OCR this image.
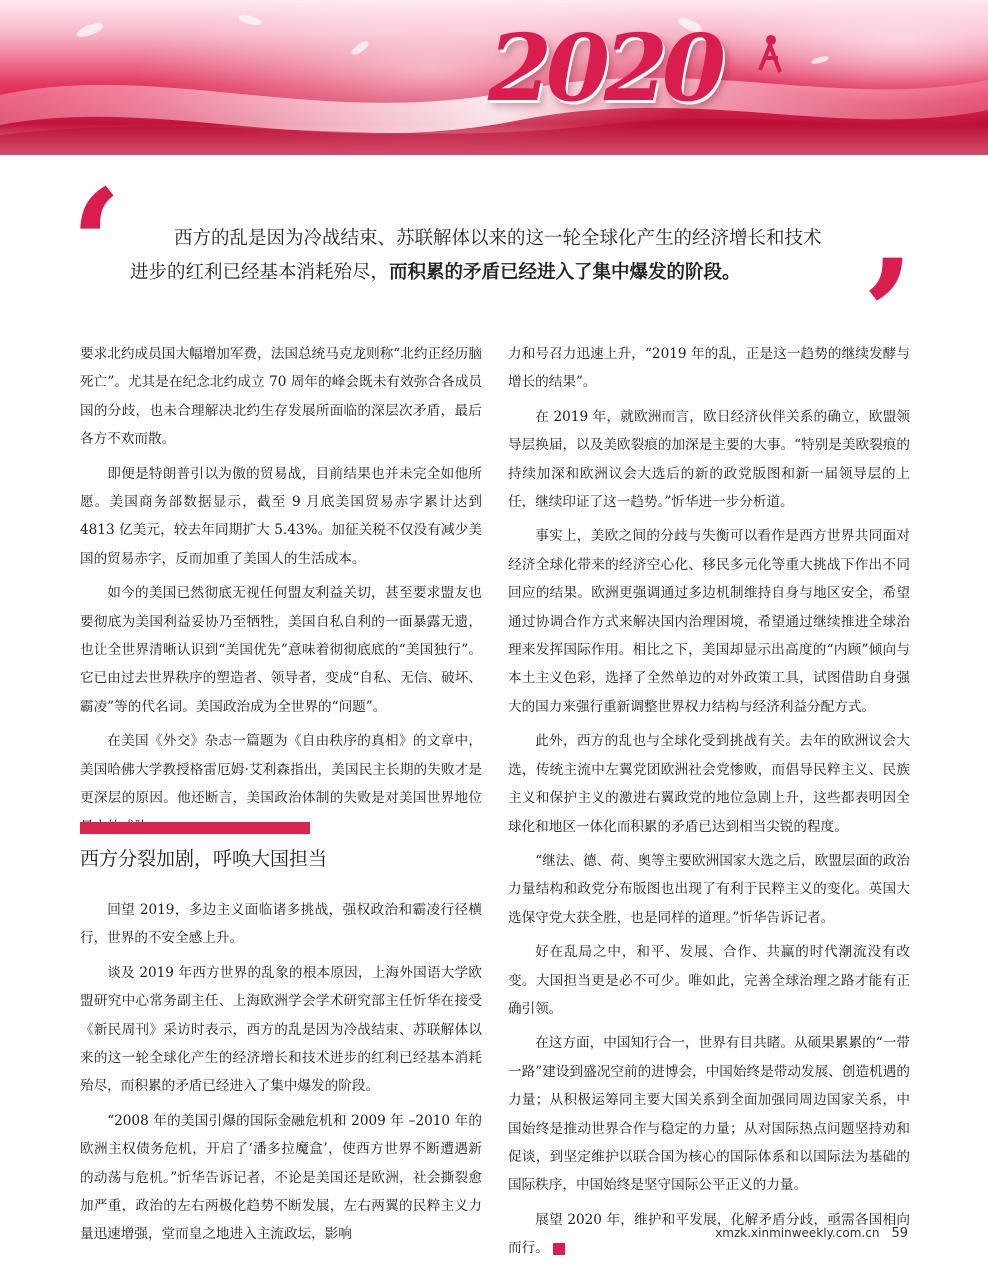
2020
‘	西方的乱是因为冷战结束、苏联解体以来的这一轮全球化产生的经济增长和技术
进步的红利已经基本消耗殆尽，而积累的矛盾已经进入了集中爆发的阶段。 ’

要求北约成员国大幅增加军费，法国总统马克龙则称“北约正经历脑死亡”。尤其是在纪念北约成立 70 周年的峰会既未有效弥合各成员国的分歧，也未合理解决北约生存发展所面临的深层次矛盾，最后各方不欢而散。

即便是特朗普引以为傲的贸易战，目前结果也并未完全如他所愿。美国商务部数据显示，截至 9 月底美国贸易赤字累计达到 4813 亿美元，较去年同期扩大 5.43%。加征关税不仅没有减少美国的贸易赤字，反而加重了美国人的生活成本。

如今的美国已然彻底无视任何盟友利益关切，甚至要求盟友也要彻底为美国利益妥协乃至牺牲，美国自私自利的一面暴露无遗，也让全世界清晰认识到“美国优先”意味着彻彻底底的“美国独行”。它已由过去世界秩序的塑造者、领导者，变成“自私、无信、破坏、霸凌”等的代名词。美国政治成为全世界的“问题”。

在美国《外交》杂志一篇题为《自由秩序的真相》的文章中，美国哈佛大学教授格雷厄姆·艾利森指出，美国民主长期的失败才是更深层的原因。他还断言，美国政治体制的失败是对美国世界地位

西方分裂加剧，呼唤大国担当

回望 2019，多边主义面临诸多挑战，强权政治和霸凌行径横行，世界的不安全感上升。

谈及 2019 年西方世界的乱象的根本原因，上海外国语大学欧盟研究中心常务副主任、上海欧洲学会学术研究部主任忻华在接受《新民周刊》采访时表示，西方的乱是因为冷战结束、苏联解体以来的这一轮全球化产生的经济增长和技术进步的红利已经基本消耗殆尽，而积累的矛盾已经进入了集中爆发的阶段。

“2008 年的美国引爆的国际金融危机和 2009 年 –2010 年的欧洲主权债务危机，开启了‘潘多拉魔盒’，使西方世界不断遭遇新的动荡与危机。”忻华告诉记者，不论是美国还是欧洲，社会撕裂愈加严重，政治的左右两极化趋势不断发展，左右两翼的民粹主义力量迅速增强，堂而皇之地进入主流政坛，影响

力和号召力迅速上升，“2019 年的乱，正是这一趋势的继续发酵与增长的结果”。

在 2019 年，就欧洲而言，欧日经济伙伴关系的确立，欧盟领导层换届，以及美欧裂痕的加深是主要的大事。“特别是美欧裂痕的持续加深和欧洲议会大选后的新的政党版图和新一届领导层的上任，继续印证了这一趋势。”忻华进一步分析道。

事实上，美欧之间的分歧与失衡可以看作是西方世界共同面对经济全球化带来的经济空心化、移民多元化等重大挑战下作出不同回应的结果。欧洲更强调通过多边机制维持自身与地区安全，希望通过协调合作方式来解决国内治理困境，希望通过继续推进全球治理来发挥国际作用。相比之下，美国却显示出高度的“内顾”倾向与本土主义色彩，选择了全然单边的对外政策工具，试图借助自身强大的国力来强行重新调整世界权力结构与经济利益分配方式。

此外，西方的乱也与全球化受到挑战有关。去年的欧洲议会大选，传统主流中左翼党团欧洲社会党惨败，而倡导民粹主义、民族主义和保护主义的激进右翼政党的地位急剧上升，这些都表明因全球化和地区一体化而积累的矛盾已达到相当尖锐的程度。

“继法、德、荷、奥等主要欧洲国家大选之后，欧盟层面的政治力量结构和政党分布版图也出现了有利于民粹主义的变化。英国大选保守党大获全胜，也是同样的道理。”忻华告诉记者。

好在乱局之中，和平、发展、合作、共赢的时代潮流没有改变。大国担当更是必不可少。唯如此，完善全球治理之路才能有正确引领。

在这方面，中国知行合一，世界有目共睹。从硕果累累的“一带一路”建设到盛况空前的进博会，中国始终是带动发展、创造机遇的力量；从积极运筹同主要大国关系到全面加强同周边国家关系，中国始终是推动世界合作与稳定的力量；从对国际热点问题坚持劝和促谈，到坚定维护以联合国为核心的国际体系和以国际法为基础的国际秩序，中国始终是坚守国际公平正义的力量。

展望 2020 年，维护和平发展，化解矛盾分歧，亟需各国相向而行。	民

xmzk.xinminweekly.com.cn 59
